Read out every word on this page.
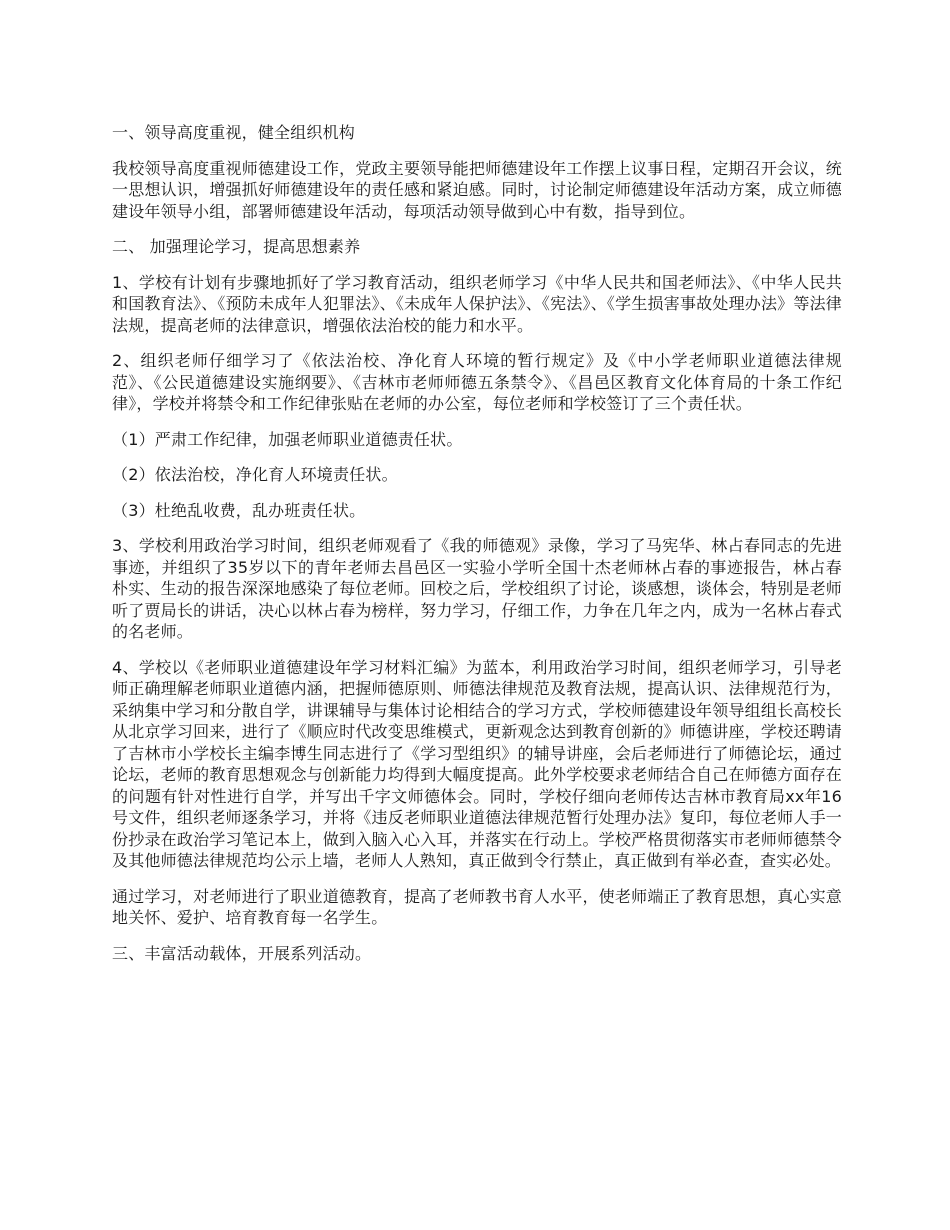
一、领导高度重视，健全组织机构

我校领导高度重视师德建设工作，党政主要领导能把师德建设年工作摆上议事日程，定期召开会议，统一思想认识，增强抓好师德建设年的责任感和紧迫感。同时，讨论制定师德建设年活动方案，成立师德建设年领导小组，部署师德建设年活动，每项活动领导做到心中有数，指导到位。

二、 加强理论学习，提高思想素养

1、学校有计划有步骤地抓好了学习教育活动，组织老师学习《中华人民共和国老师法》、《中华人民共和国教育法》、《预防未成年人犯罪法》、《未成年人保护法》、《宪法》、《学生损害事故处理办法》等法律法规，提高老师的法律意识，增强依法治校的能力和水平。

2、组织老师仔细学习了《依法治校、净化育人环境的暂行规定》及《中小学老师职业道德法律规范》、《公民道德建设实施纲要》、《吉林市老师师德五条禁令》、《昌邑区教育文化体育局的十条工作纪律》，学校并将禁令和工作纪律张贴在老师的办公室，每位老师和学校签订了三个责任状。

（1）严肃工作纪律，加强老师职业道德责任状。

（2）依法治校，净化育人环境责任状。

（3）杜绝乱收费，乱办班责任状。

3、学校利用政治学习时间，组织老师观看了《我的师德观》录像，学习了马宪华、林占春同志的先进事迹，并组织了35岁以下的青年老师去昌邑区一实验小学听全国十杰老师林占春的事迹报告，林占春朴实、生动的报告深深地感染了每位老师。回校之后，学校组织了讨论，谈感想，谈体会，特别是老师听了贾局长的讲话，决心以林占春为榜样，努力学习，仔细工作，力争在几年之内，成为一名林占春式的名老师。

4、学校以《老师职业道德建设年学习材料汇编》为蓝本，利用政治学习时间，组织老师学习，引导老师正确理解老师职业道德内涵，把握师德原则、师德法律规范及教育法规，提高认识、法律规范行为，采纳集中学习和分散自学，讲课辅导与集体讨论相结合的学习方式，学校师德建设年领导组组长高校长从北京学习回来，进行了《顺应时代改变思维模式，更新观念达到教育创新的》师德讲座，学校还聘请了吉林市小学校长主编李博生同志进行了《学习型组织》的辅导讲座，会后老师进行了师德论坛，通过论坛，老师的教育思想观念与创新能力均得到大幅度提高。此外学校要求老师结合自己在师德方面存在的问题有针对性进行自学，并写出千字文师德体会。同时，学校仔细向老师传达吉林市教育局xx年16号文件，组织老师逐条学习，并将《违反老师职业道德法律规范暂行处理办法》复印，每位老师人手一份抄录在政治学习笔记本上，做到入脑入心入耳，并落实在行动上。学校严格贯彻落实市老师师德禁令及其他师德法律规范均公示上墙，老师人人熟知，真正做到令行禁止，真正做到有举必查，查实必处。

通过学习，对老师进行了职业道德教育，提高了老师教书育人水平，使老师端正了教育思想，真心实意地关怀、爱护、培育教育每一名学生。

三、丰富活动载体，开展系列活动。
